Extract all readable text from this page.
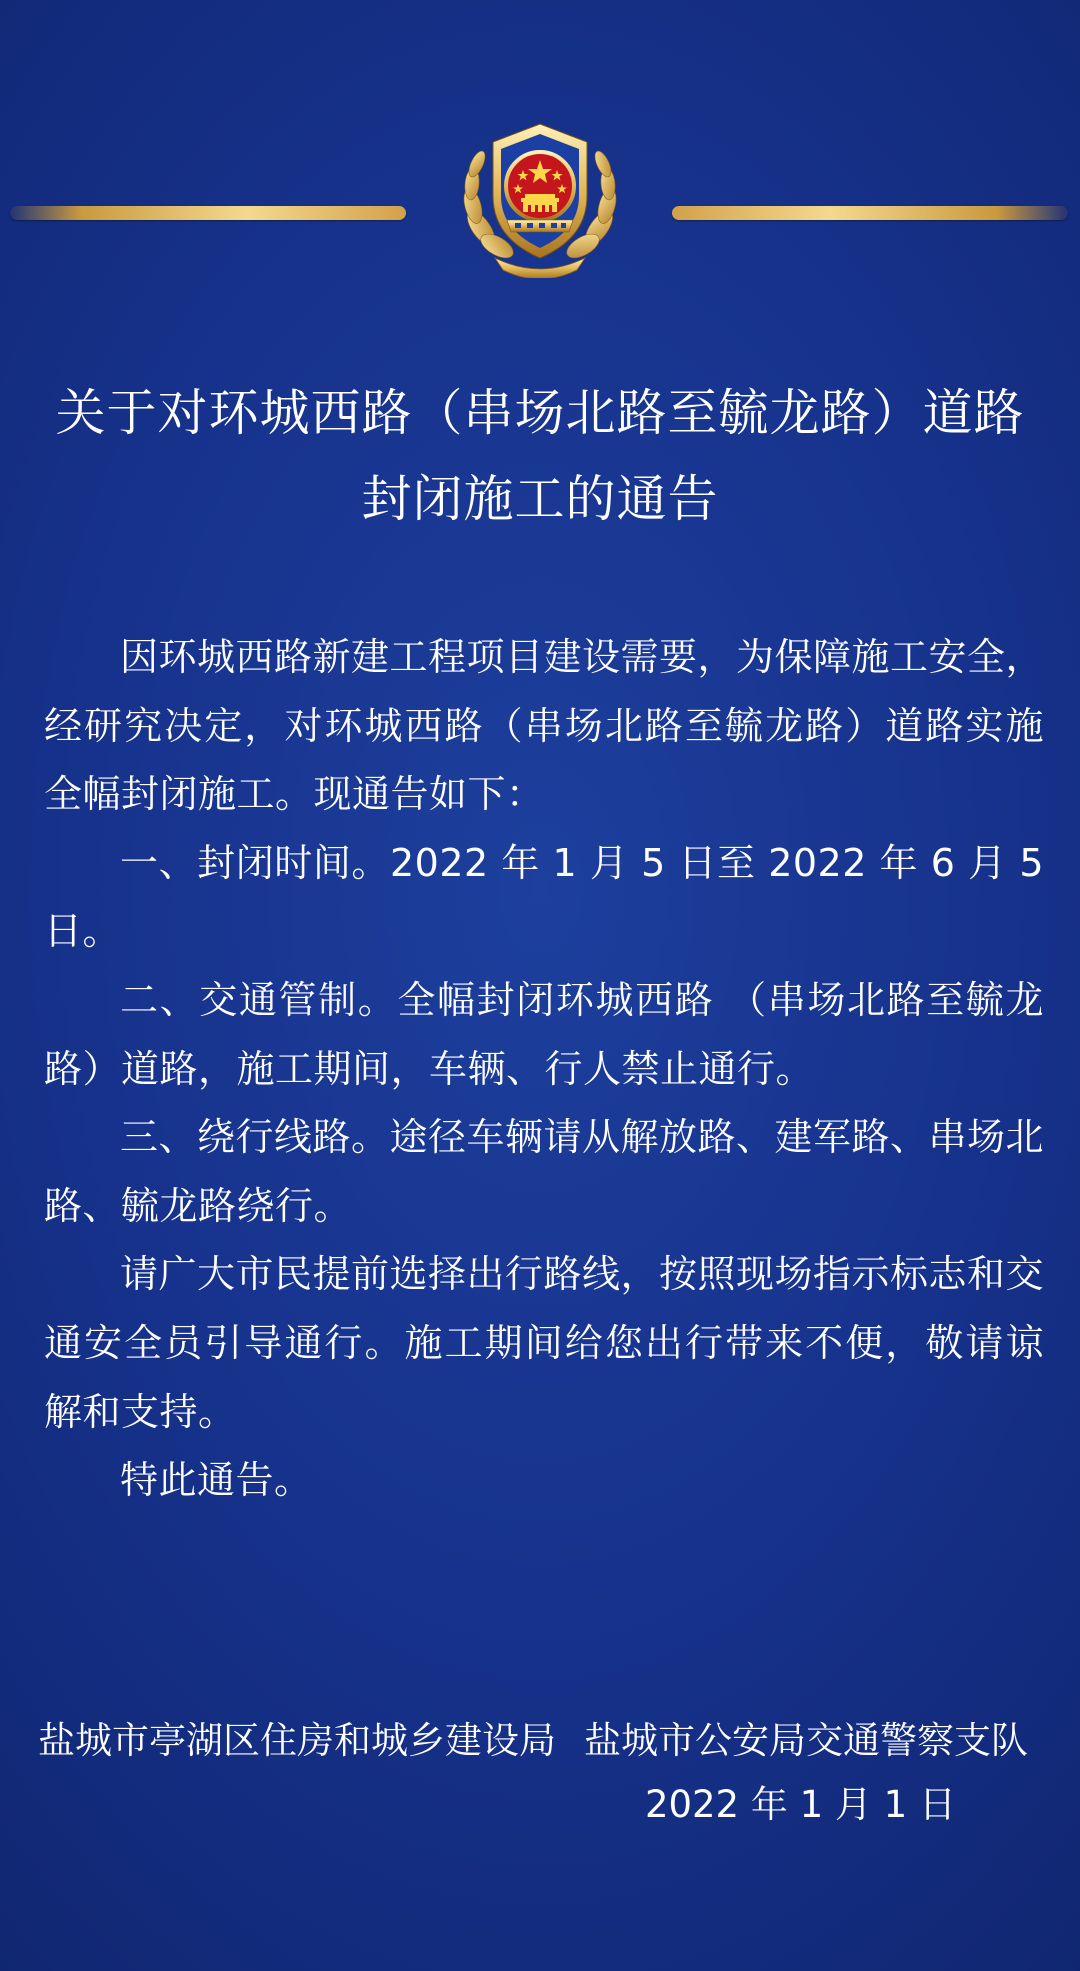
关于对环城西路（串场北路至毓龙路）道路
封闭施工的通告

因环城西路新建工程项目建设需要，为保障施工安全，经研究决定，对环城西路（串场北路至毓龙路）道路实施全幅封闭施工。现通告如下：

一、封闭时间。2022 年 1 月 5 日至 2022 年 6 月 5 日。

二、交通管制。全幅封闭环城西路 （串场北路至毓龙路）道路，施工期间，车辆、行人禁止通行。

三、绕行线路。途径车辆请从解放路、建军路、串场北路、毓龙路绕行。

请广大市民提前选择出行路线，按照现场指示标志和交通安全员引导通行。施工期间给您出行带来不便，敬请谅解和支持。

特此通告。

盐城市亭湖区住房和城乡建设局 盐城市公安局交通警察支队
2022 年 1 月 1 日
